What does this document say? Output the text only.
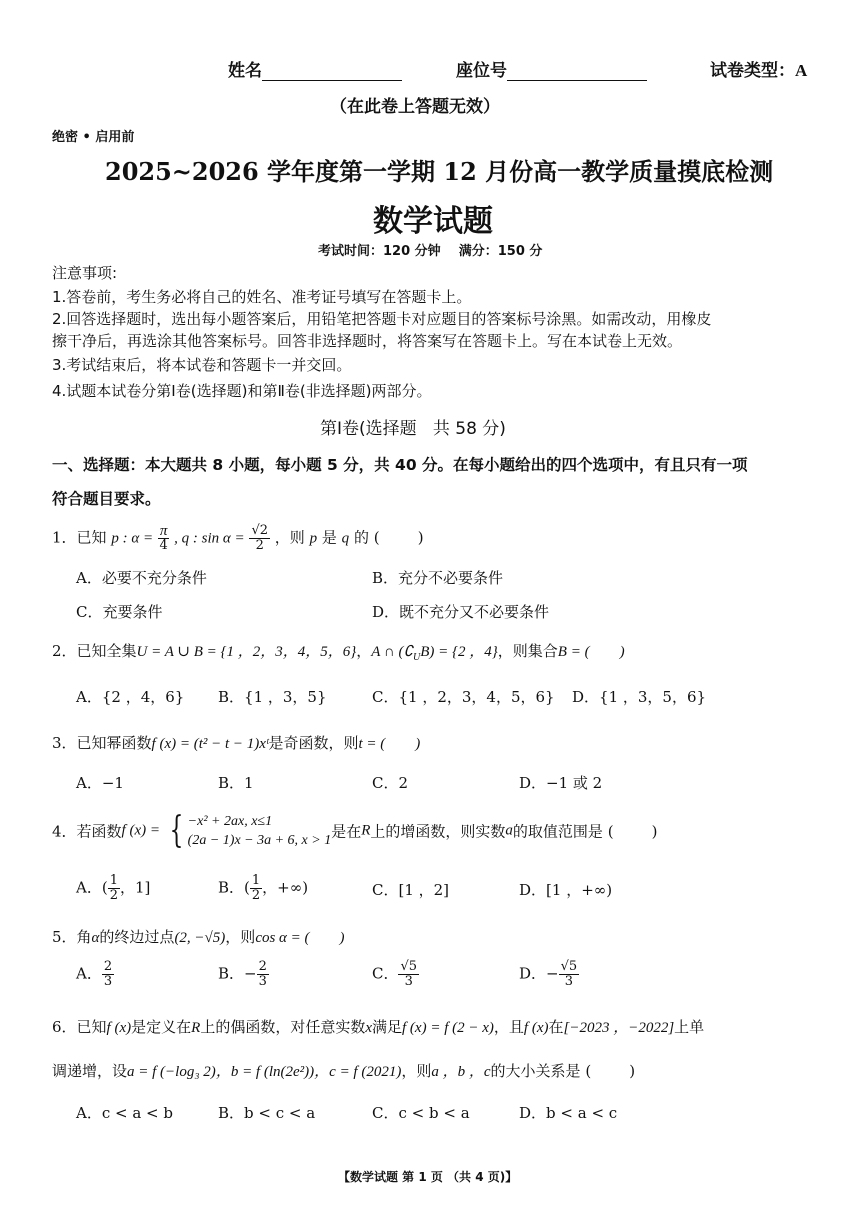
姓名	座位号	试卷类型：A
（在此卷上答题无效）
绝密 • 启用前
2025~2026 学年度第一学期 12 月份高一教学质量摸底检测
数学试题
考试时间：120 分钟    满分：150 分
注意事项:
1.答卷前，考生务必将自己的姓名、准考证号填写在答题卡上。
2.回答选择题时，选出每小题答案后，用铅笔把答题卡对应题目的答案标号涂黑。如需改动，用橡皮
擦干净后，再选涂其他答案标号。回答非选择题时，将答案写在答题卡上。写在本试卷上无效。
3.考试结束后，将本试卷和答题卡一并交回。
4.试题本试卷分第Ⅰ卷(选择题)和第Ⅱ卷(非选择题)两部分。
第Ⅰ卷(选择题   共 58 分)
一、选择题：本大题共 8 小题，每小题 5 分，共 40 分。在每小题给出的四个选项中，有且只有一项
符合题目要求。
1．已知 p : $\alpha = \frac{\pi}{4}$ , q : $\sin \alpha = \frac{√2}{2}$ ，则 p 是 q 的 (        )
A．必要不充分条件	B．充分不必要条件
C．充要条件	D．既不充分又不必要条件
2．已知全集U = A ∪ B = {1 ，2，3，4，5，6}，A ∩ $(∁_UB) = \{2$ ，4}，则集合B = (        )
A．{2 ，4，6} B．{1 ，3，5}	C．{1 ，2，3，4，5，6} D．{1 ，3，5，6}
3．已知幂函数f (x) = (t² − t − 1)xᵗ是奇函数，则t = (        )
A．−1	B．1	C．2	D．−1 或 2
4．若函数f (x) = { −x² + 2ax, x≤1
(2a − 1)x − 3a + 6, x > 1 是在R上的增函数，则实数a的取值范围是 (        )
A．( $\frac{1}{2}$ ，1]	B．( $\frac{1}{2}$ ，+∞)	C．[1 ，2]	D．[1 ，+∞)
5．角α的终边过点(2, −√5)，则cos α = (        )
A． $\frac{2}{3}$	B．− $\frac{2}{3}$	C． $\frac{√5}{3}$	D．− $\frac{√5}{3}$
6．已知f (x)是定义在R上的偶函数，对任意实数x满足f (x) = f (2 − x)，且f (x)在[−2023 ，−2022]上单
调递增，设a = f (−log₃ 2)，b = f (ln(2e²))，c = f (2021)，则a ，b ，c的大小关系是 (        )
A．c < a < b	B．b < c < a	C．c < b < a	D．b < a < c
【数学试题 第 1 页 （共 4 页)】
